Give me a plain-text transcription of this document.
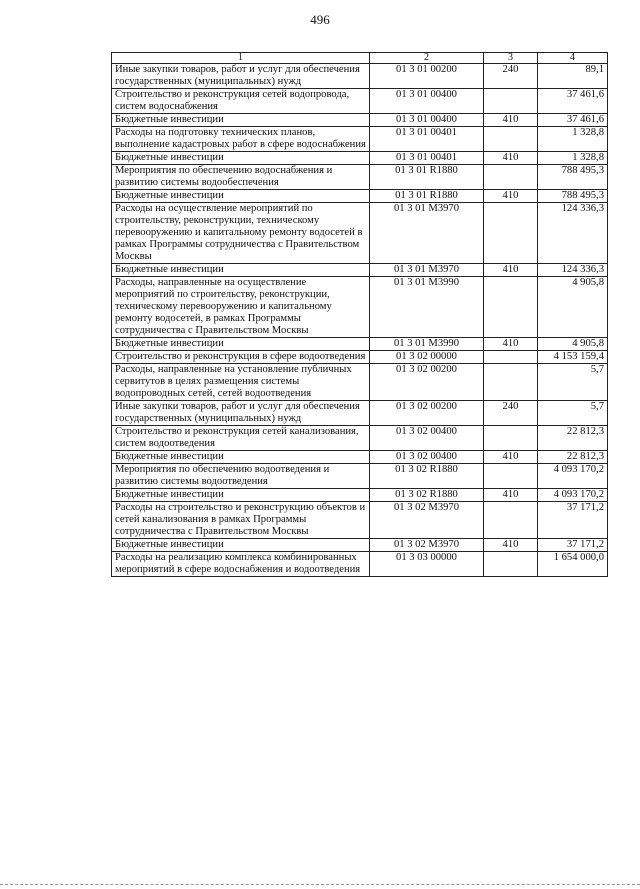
496
1	2	3	4
Иные закупки товаров, работ и услуг для обеспечения государственных (муниципальных) нужд	01 3 01 00200	240	89,1
Строительство и реконструкция сетей водопровода, систем водоснабжения	01 3 01 00400		37 461,6
Бюджетные инвестиции	01 3 01 00400	410	37 461,6
Расходы на подготовку технических планов, выполнение кадастровых работ в сфере водоснабжения	01 3 01 00401		1 328,8
Бюджетные инвестиции	01 3 01 00401	410	1 328,8
Мероприятия по обеспечению водоснабжения и развитию системы водообеспечения	01 3 01 R1880		788 495,3
Бюджетные инвестиции	01 3 01 R1880	410	788 495,3
Расходы на осуществление мероприятий по строительству, реконструкции, техническому перевооружению и капитальному ремонту водосетей в рамках Программы сотрудничества с Правительством Москвы	01 3 01 M3970		124 336,3
Бюджетные инвестиции	01 3 01 M3970	410	124 336,3
Расходы, направленные на осуществление мероприятий по строительству, реконструкции, техническому перевооружению и капитальному ремонту водосетей, в рамках Программы сотрудничества с Правительством Москвы	01 3 01 M3990		4 905,8
Бюджетные инвестиции	01 3 01 M3990	410	4 905,8
Строительство и реконструкция в сфере водоотведения	01 3 02 00000		4 153 159,4
Расходы, направленные на установление публичных сервитутов в целях размещения системы водопроводных сетей, сетей водоотведения	01 3 02 00200		5,7
Иные закупки товаров, работ и услуг для обеспечения государственных (муниципальных) нужд	01 3 02 00200	240	5,7
Строительство и реконструкция сетей канализования, систем водоотведения	01 3 02 00400		22 812,3
Бюджетные инвестиции	01 3 02 00400	410	22 812,3
Мероприятия по обеспечению водоотведения и развитию системы водоотведения	01 3 02 R1880		4 093 170,2
Бюджетные инвестиции	01 3 02 R1880	410	4 093 170,2
Расходы на строительство и реконструкцию объектов и сетей канализования в рамках Программы сотрудничества с Правительством Москвы	01 3 02 M3970		37 171,2
Бюджетные инвестиции	01 3 02 M3970	410	37 171,2
Расходы на реализацию комплекса комбинированных мероприятий в сфере водоснабжения и водоотведения	01 3 03 00000		1 654 000,0
